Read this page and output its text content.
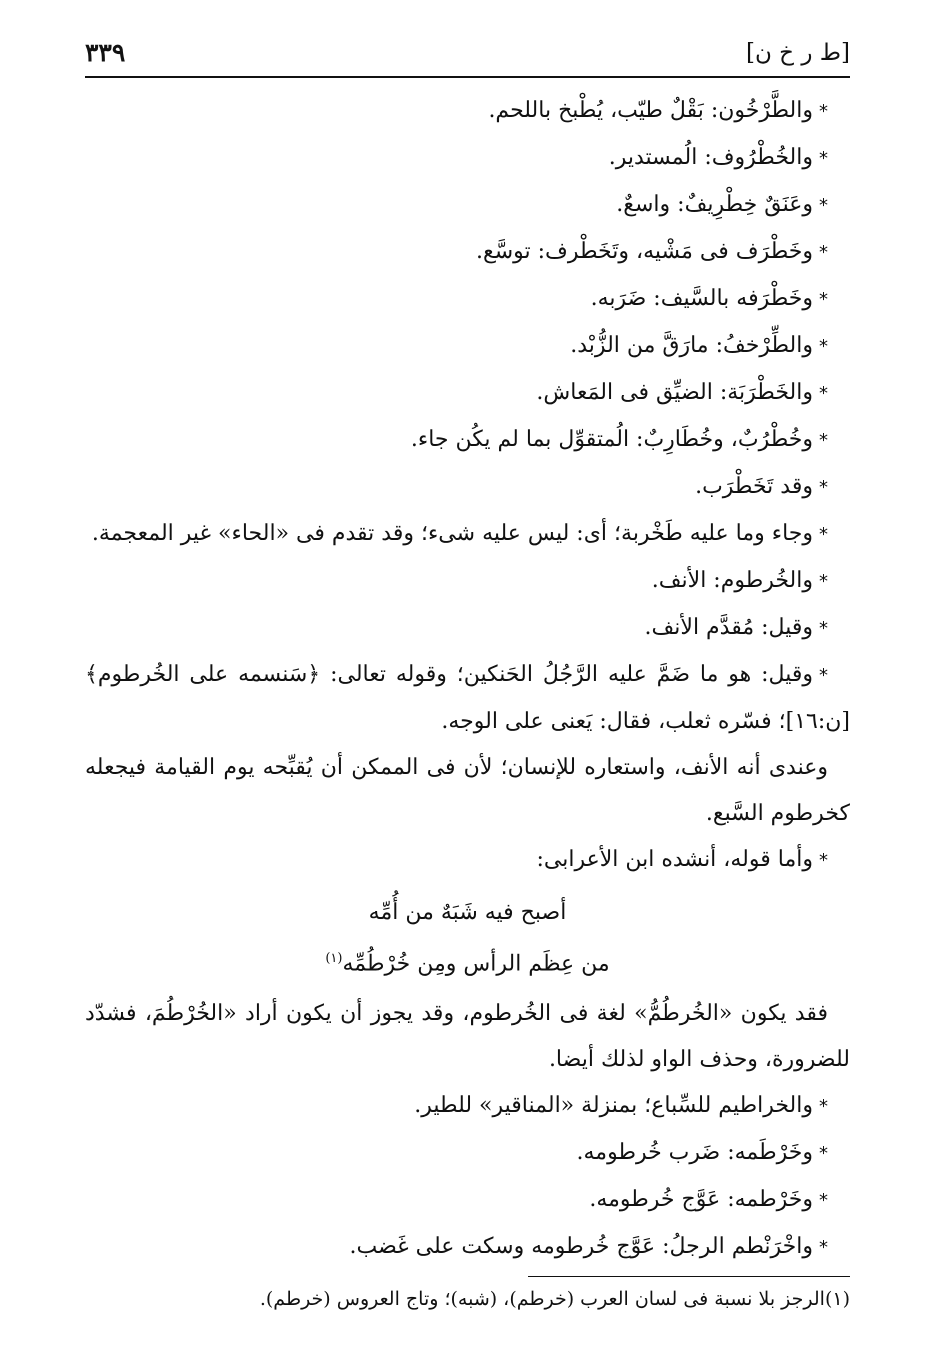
[ط ر خ ن]
٣٣٩

*والطَّرْخُون: بَقْلٌ طيّب، يُطْبخ باللحم.

*والخُطْرُوف: الُمستدير.

*وعَنَقٌ خِطْرِيفٌ: واسعٌ.

*وخَطْرَف فى مَشْيه، وتَخَطْرف: توسَّع.

*وخَطْرَفه بالسَّيف: ضَرَبه.

*والطِّرْخفُ: مارَقَّ من الزُّبْد.

*والخَطْرَبَة: الضيِّق فى المَعاش.

*وخُطْرُبٌ، وخُطَارِبٌ: الُمتقوِّل بما لم يكُن جاء.

*وقد تَخَطْرَب.

*وجاء وما عليه طَخْربة؛ أى: ليس عليه شىء؛ وقد تقدم فى «الحاء» غير المعجمة.

*والخُرطوم: الأنف.

*وقيل: مُقدَّم الأنف.

*وقيل: هو ما ضَمَّ عليه الرَّجُلُ الحَنكين؛ وقوله تعالى: ﴿سَنسمه على الخُرطوم﴾ [ن:١٦]؛ فسّره ثعلب، فقال: يَعنى على الوجه.

وعندى أنه الأنف، واستعاره للإنسان؛ لأن فى الممكن أن يُقبِّحه يوم القيامة فيجعله كخرطوم السَّبع.

*وأما قوله، أنشده ابن الأعرابى:

أصبح فيه شَبَهٌ من أُمِّه
من عِظَم الرأس ومِن خُرْطُمِّه$^{(١)}$

فقد يكون «الخُرطُمُّ» لغة فى الخُرطوم، وقد يجوز أن يكون أراد «الخُرْطُمَ، فشدّد للضرورة، وحذف الواو لذلك أيضا.

*والخراطيم للسِّباع؛ بمنزلة «المناقير» للطير.

*وخَرْطَمه: ضَرب خُرطومه.

*وخَرْطمه: عَوَّج خُرطومه.

*واخْرَنْطم الرجلُ: عَوَّج خُرطومه وسكت على غَضب.

(١)الرجز بلا نسبة فى لسان العرب (خرطم)، (شبه)؛ وتاج العروس (خرطم).
